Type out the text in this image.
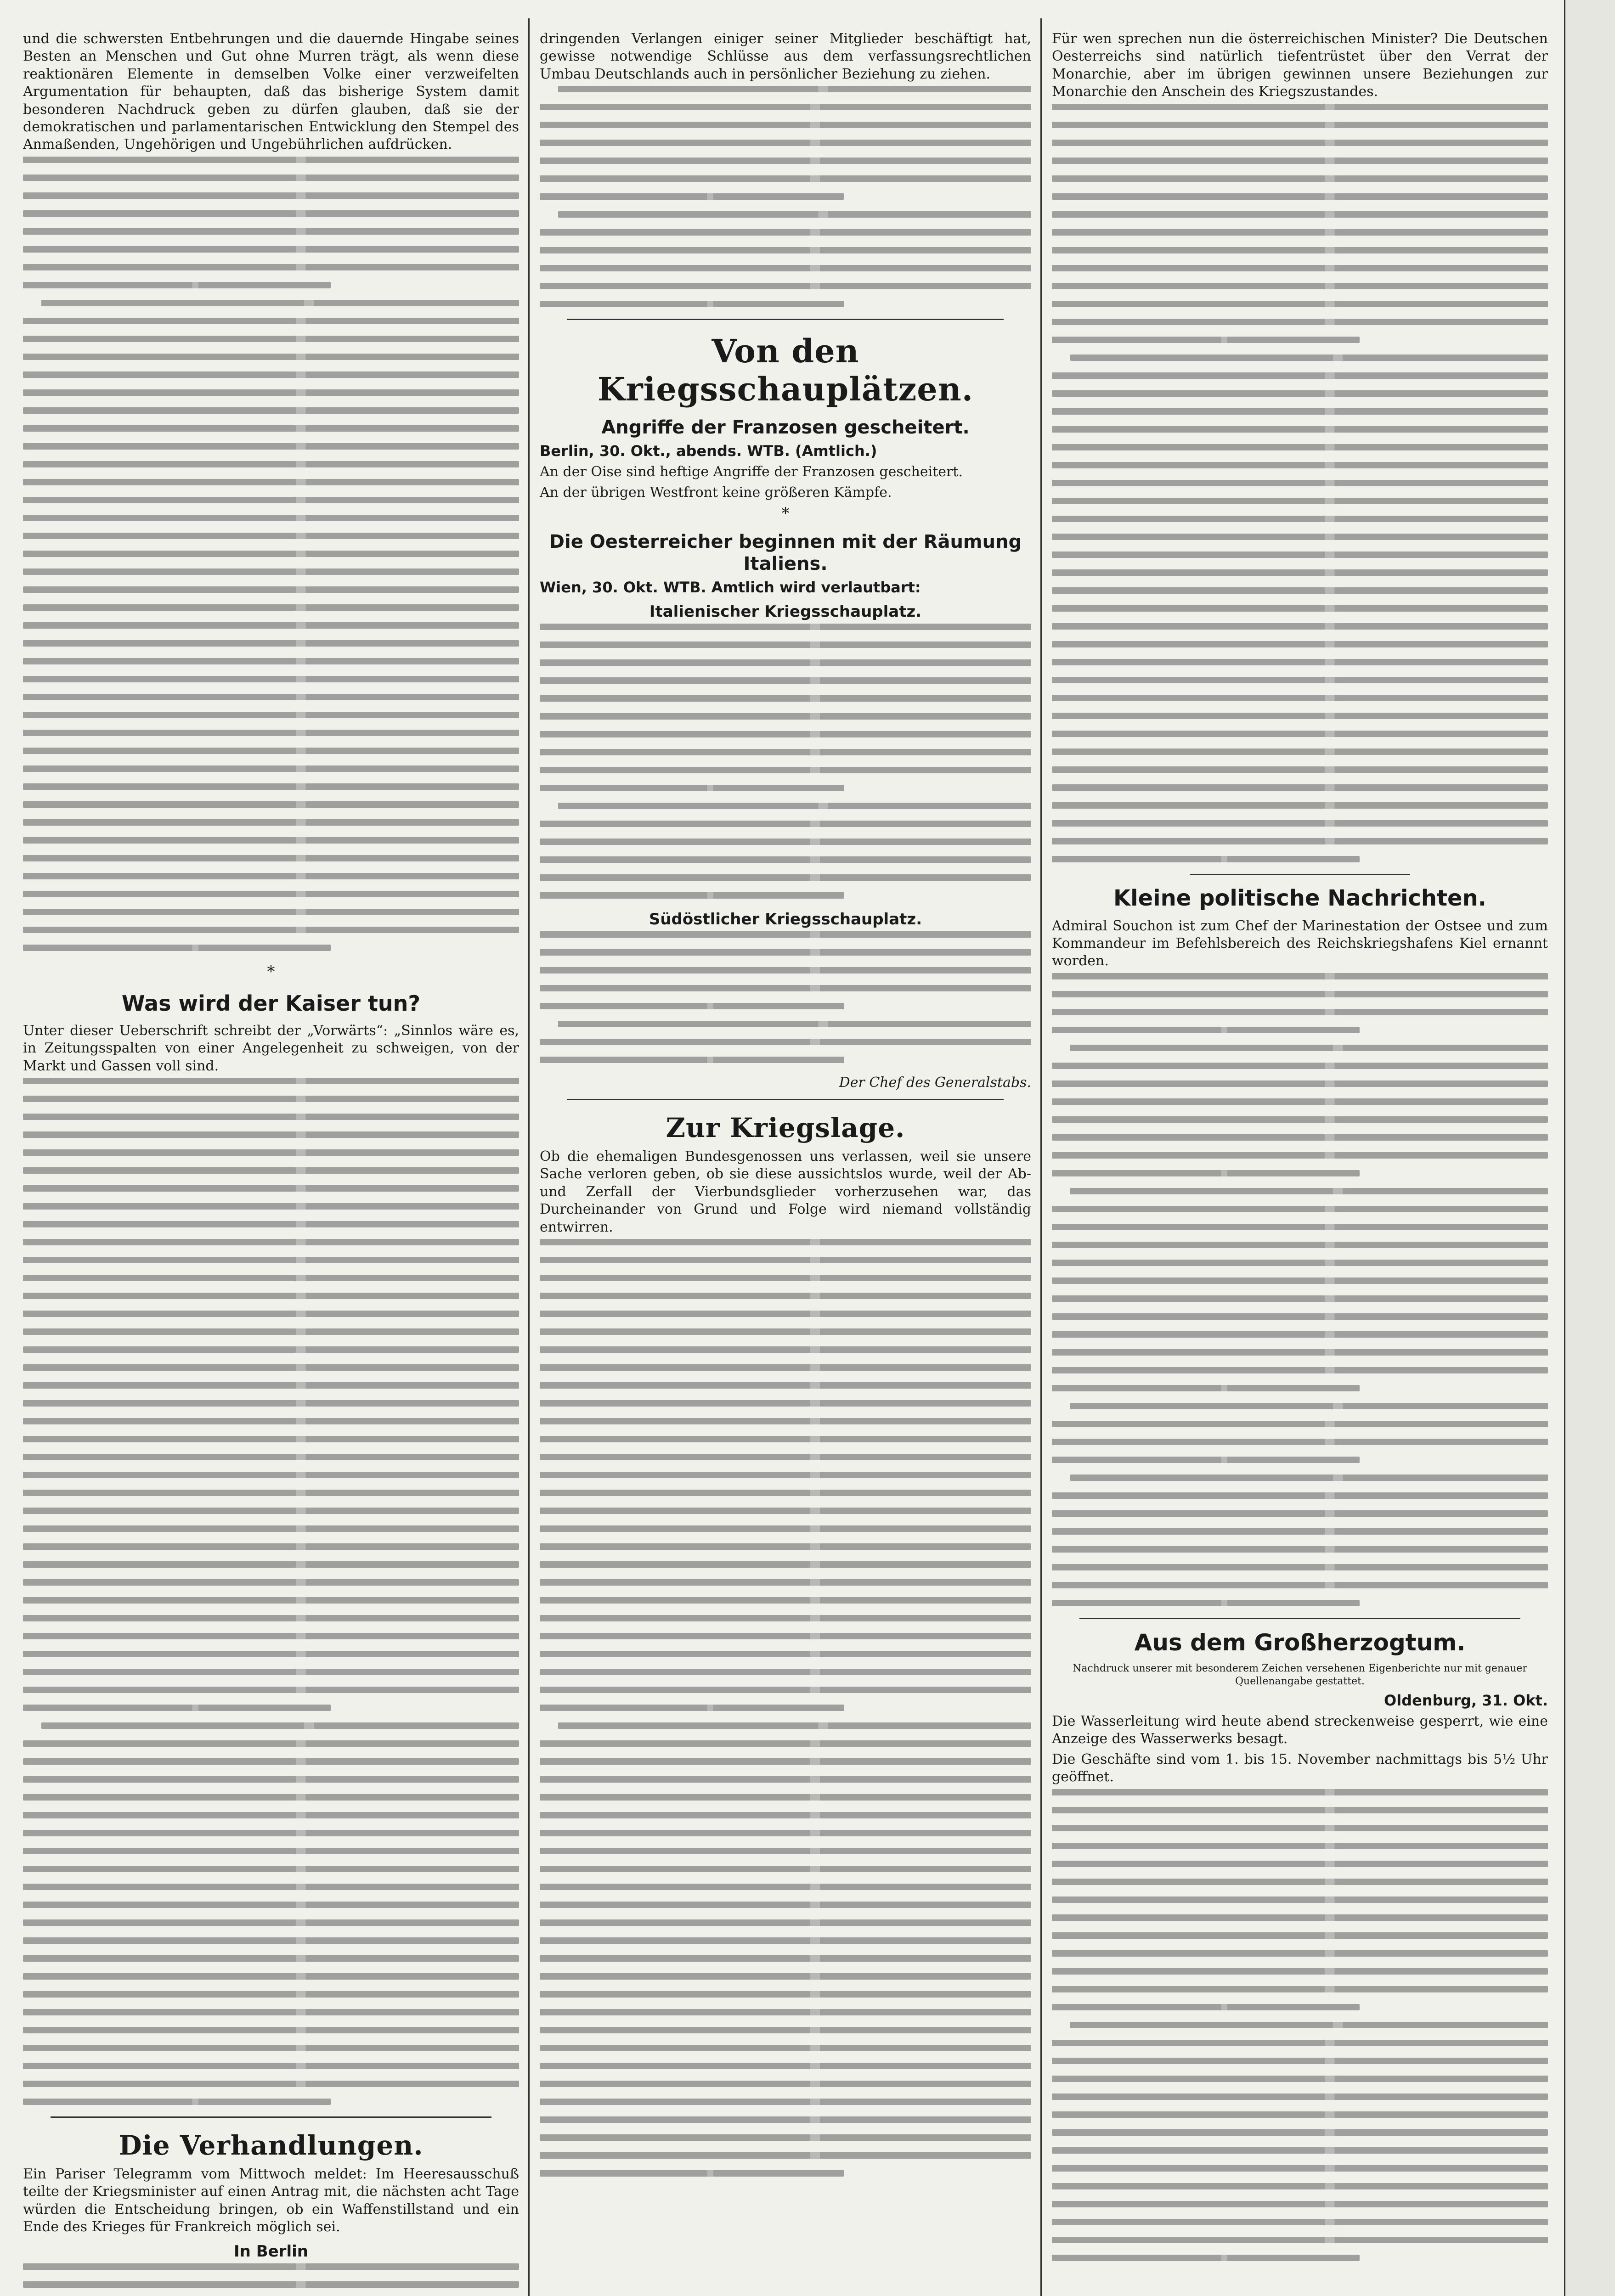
und die schwersten Entbehrungen und die dauernde Hingabe seines Besten an Menschen und Gut ohne Murren trägt, als wenn diese reaktionären Elemente in demselben Volke einer verzweifelten Argumentation für behaupten, daß das bisherige System damit besonderen Nachdruck geben zu dürfen glauben, daß sie der demokratischen und parlamentarischen Entwicklung den Stempel des Anmaßenden, Ungehörigen und Ungebührlichen aufdrücken.

*
Was wird der Kaiser tun?

Unter dieser Ueberschrift schreibt der „Vorwärts“: „Sinnlos wäre es, in Zeitungsspalten von einer Angelegenheit zu schweigen, von der Markt und Gassen voll sind.

Die Verhandlungen.

Ein Pariser Telegramm vom Mittwoch meldet: Im Heeresausschuß teilte der Kriegsminister auf einen Antrag mit, die nächsten acht Tage würden die Entscheidung bringen, ob ein Waffenstillstand und ein Ende des Krieges für Frankreich möglich sei.

In Berlin

dringenden Verlangen einiger seiner Mitglieder beschäftigt hat, gewisse notwendige Schlüsse aus dem verfassungsrechtlichen Umbau Deutschlands auch in persönlicher Beziehung zu ziehen.

Von den Kriegsschauplätzen.
Angriffe der Franzosen gescheitert.
Berlin, 30. Okt., abends. WTB. (Amtlich.)

An der Oise sind heftige Angriffe der Franzosen gescheitert.

An der übrigen Westfront keine größeren Kämpfe.

*
Die Oesterreicher beginnen mit der Räumung Italiens.
Wien, 30. Okt. WTB. Amtlich wird verlautbart:
Italienischer Kriegsschauplatz.
Südöstlicher Kriegsschauplatz.
Der Chef des Generalstabs.
Zur Kriegslage.

Ob die ehemaligen Bundesgenossen uns verlassen, weil sie unsere Sache verloren geben, ob sie diese aussichtslos wurde, weil der Ab- und Zerfall der Vierbundsglieder vorherzusehen war, das Durcheinander von Grund und Folge wird niemand vollständig entwirren.

Für wen sprechen nun die österreichischen Minister? Die Deutschen Oesterreichs sind natürlich tiefentrüstet über den Verrat der Monarchie, aber im übrigen gewinnen unsere Beziehungen zur Monarchie den Anschein des Kriegszustandes.

Kleine politische Nachrichten.

Admiral Souchon ist zum Chef der Marinestation der Ostsee und zum Kommandeur im Befehlsbereich des Reichskriegshafens Kiel ernannt worden.

Aus dem Großherzogtum.

Nachdruck unserer mit besonderem Zeichen versehenen Eigenberichte nur mit genauer Quellenangabe gestattet.

Oldenburg, 31. Okt.

Die Wasserleitung wird heute abend streckenweise gesperrt, wie eine Anzeige des Wasserwerks besagt.

Die Geschäfte sind vom 1. bis 15. November nachmittags bis 5½ Uhr geöffnet.
